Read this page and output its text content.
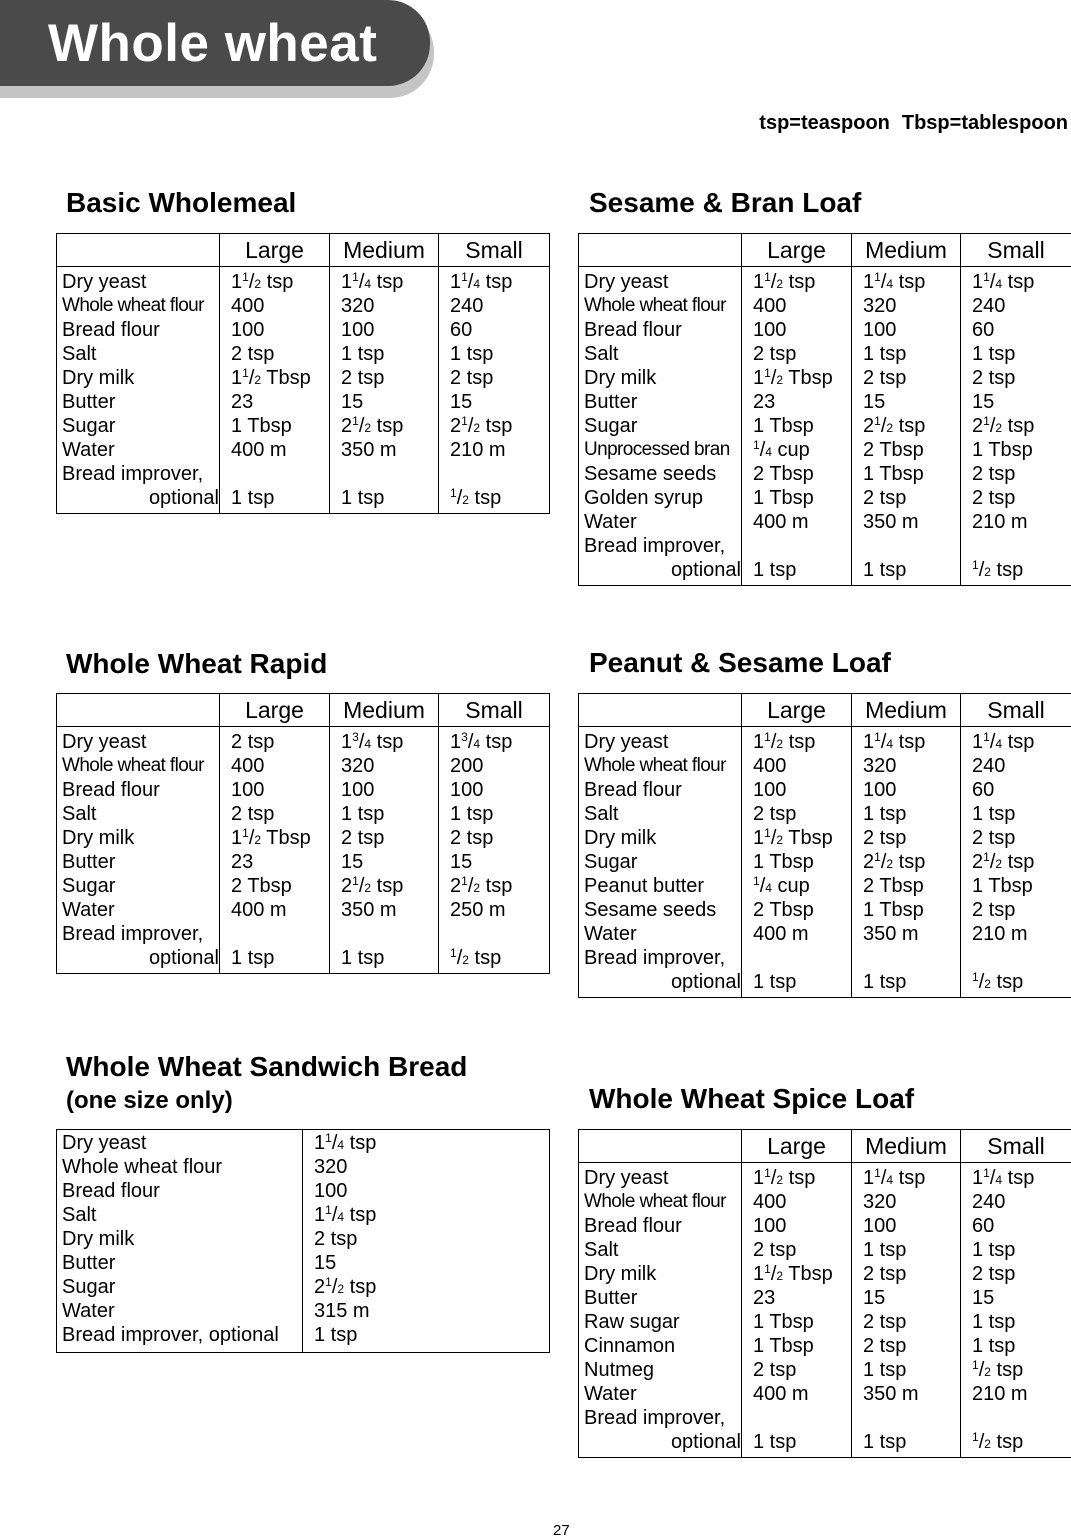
Whole wheat
tsp=teaspoon Tbsp=tablespoon
Basic Wholemeal
	Large	Medium	Small
Dry yeast	$1^1/2$ tsp	$1^1/4$ tsp	$1^1/4$ tsp
Whole wheat flour	400	320	240
Bread flour	100	100	60
Salt	2 tsp	1 tsp	1 tsp
Dry milk	$1^1/2$ Tbsp	2 tsp	2 tsp
Butter	23	15	15
Sugar	1 Tbsp	$2^1/2$ tsp	$2^1/2$ tsp
Water	400 m	350 m	210 m
Bread improver,			
optional	1 tsp	1 tsp	$^1$/2 tsp
Sesame & Bran Loaf
	Large	Medium	Small
Dry yeast	$1^1/2$ tsp	$1^1/4$ tsp	$1^1/4$ tsp
Whole wheat flour	400	320	240
Bread flour	100	100	60
Salt	2 tsp	1 tsp	1 tsp
Dry milk	$1^1/2$ Tbsp	2 tsp	2 tsp
Butter	23	15	15
Sugar	1 Tbsp	$2^1/2$ tsp	$2^1/2$ tsp
Unprocessed bran	$^1$/4 cup	2 Tbsp	1 Tbsp
Sesame seeds	2 Tbsp	1 Tbsp	2 tsp
Golden syrup	1 Tbsp	2 tsp	2 tsp
Water	400 m	350 m	210 m
Bread improver,			
optional	1 tsp	1 tsp	$^1$/2 tsp
Whole Wheat Rapid
	Large	Medium	Small
Dry yeast	2 tsp	$1^3/4$ tsp	$1^3/4$ tsp
Whole wheat flour	400	320	200
Bread flour	100	100	100
Salt	2 tsp	1 tsp	1 tsp
Dry milk	$1^1/2$ Tbsp	2 tsp	2 tsp
Butter	23	15	15
Sugar	2 Tbsp	$2^1/2$ tsp	$2^1/2$ tsp
Water	400 m	350 m	250 m
Bread improver,			
optional	1 tsp	1 tsp	$^1$/2 tsp
Peanut & Sesame Loaf
	Large	Medium	Small
Dry yeast	$1^1/2$ tsp	$1^1/4$ tsp	$1^1/4$ tsp
Whole wheat flour	400	320	240
Bread flour	100	100	60
Salt	2 tsp	1 tsp	1 tsp
Dry milk	$1^1/2$ Tbsp	2 tsp	2 tsp
Sugar	1 Tbsp	$2^1/2$ tsp	$2^1/2$ tsp
Peanut butter	$^1$/4 cup	2 Tbsp	1 Tbsp
Sesame seeds	2 Tbsp	1 Tbsp	2 tsp
Water	400 m	350 m	210 m
Bread improver,			
optional	1 tsp	1 tsp	$^1$/2 tsp
Whole Wheat Sandwich Bread
(one size only)
Dry yeast	$1^1/4$ tsp
Whole wheat flour	320
Bread flour	100
Salt	$1^1/4$ tsp
Dry milk	2 tsp
Butter	15
Sugar	$2^1/2$ tsp
Water	315 m
Bread improver, optional	1 tsp
Whole Wheat Spice Loaf
	Large	Medium	Small
Dry yeast	$1^1/2$ tsp	$1^1/4$ tsp	$1^1/4$ tsp
Whole wheat flour	400	320	240
Bread flour	100	100	60
Salt	2 tsp	1 tsp	1 tsp
Dry milk	$1^1/2$ Tbsp	2 tsp	2 tsp
Butter	23	15	15
Raw sugar	1 Tbsp	2 tsp	1 tsp
Cinnamon	1 Tbsp	2 tsp	1 tsp
Nutmeg	2 tsp	1 tsp	$^1$/2 tsp
Water	400 m	350 m	210 m
Bread improver,			
optional	1 tsp	1 tsp	$^1$/2 tsp
27
